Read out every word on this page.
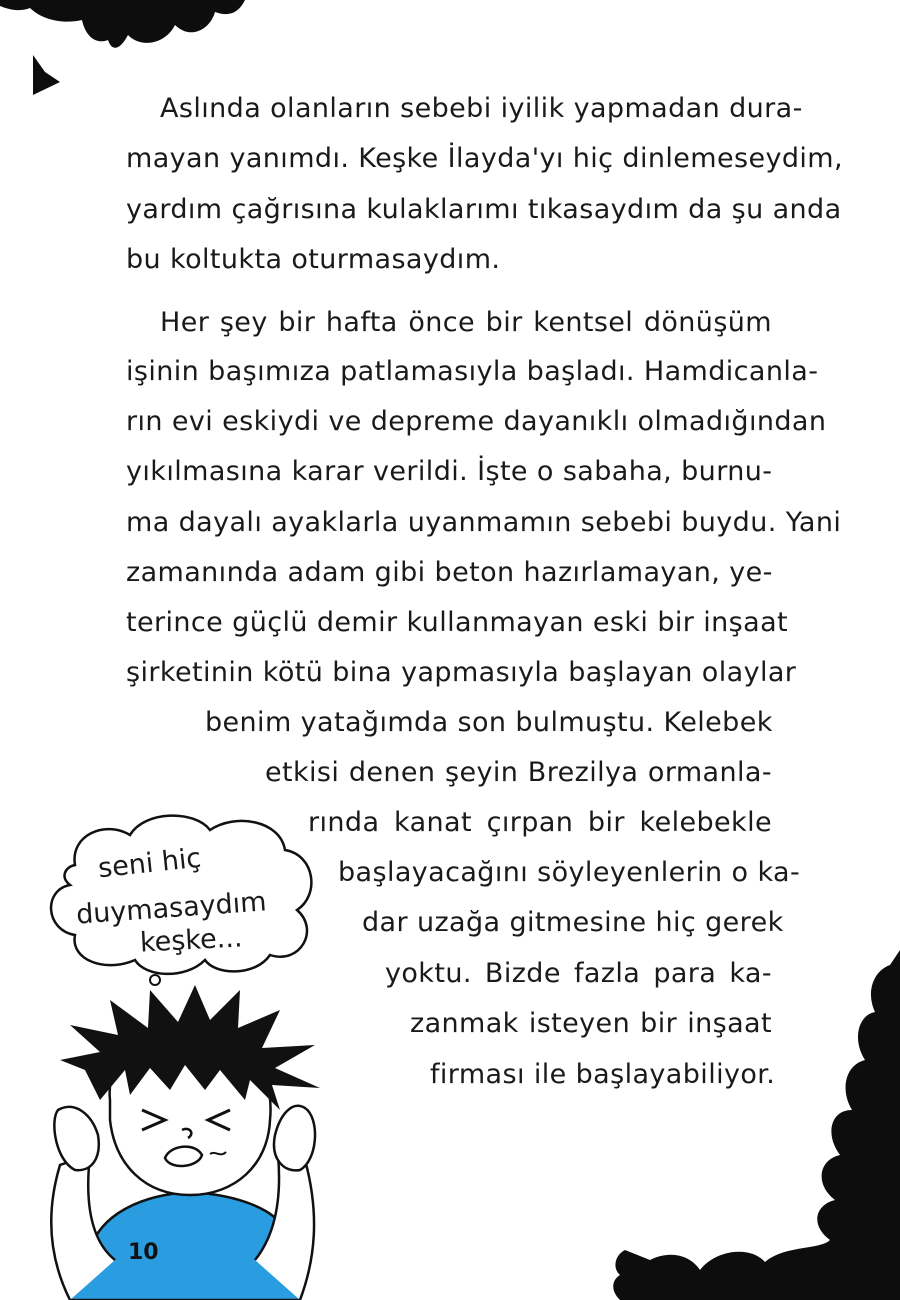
Aslında olanların sebebi iyilik yapmadan dura-
mayan yanımdı. Keşke İlayda'yı hiç dinlemeseydim,
yardım çağrısına kulaklarımı tıkasaydım da şu anda
bu koltukta oturmasaydım.
Her şey bir hafta önce bir kentsel dönüşüm
işinin başımıza patlamasıyla başladı. Hamdicanla-
rın evi eskiydi ve depreme dayanıklı olmadığından
yıkılmasına karar verildi. İşte o sabaha, burnu-
ma dayalı ayaklarla uyanmamın sebebi buydu. Yani
zamanında adam gibi beton hazırlamayan, ye-
terince güçlü demir kullanmayan eski bir inşaat
şirketinin kötü bina yapmasıyla başlayan olaylar
benim yatağımda son bulmuştu. Kelebek
etkisi denen şeyin Brezilya ormanla-
rında kanat çırpan bir kelebekle
başlayacağını söyleyenlerin o ka-
dar uzağa gitmesine hiç gerek
yoktu. Bizde fazla para ka-
zanmak isteyen bir inşaat
firması ile başlayabiliyor.
seni hiç
duymasaydım
keşke...
10
